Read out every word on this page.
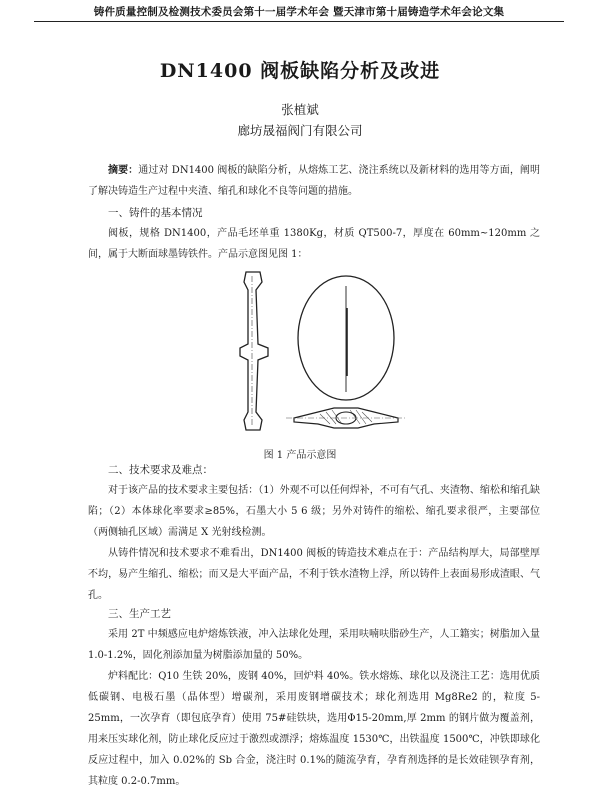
铸件质量控制及检测技术委员会第十一届学术年会 暨天津市第十届铸造学术年会论文集
DN1400 阀板缺陷分析及改进
张植斌
廊坊晟福阀门有限公司
摘要：通过对 DN1400 阀板的缺陷分析，从熔炼工艺、浇注系统以及新材料的选用等方面，阐明了解决铸造生产过程中夹渣、缩孔和球化不良等问题的措施。
一、铸件的基本情况
阀板，规格 DN1400，产品毛坯单重 1380Kg，材质 QT500-7，厚度在 60mm~120mm 之间，属于大断面球墨铸铁件。产品示意图见图 1：
图 1 产品示意图
二、技术要求及难点：
对于该产品的技术要求主要包括：（1）外观不可以任何焊补，不可有气孔、夹渣物、缩松和缩孔缺陷；（2）本体球化率要求≥85%，石墨大小 5 6 级；另外对铸件的缩松、缩孔要求很严，主要部位（两侧轴孔区域）需满足 X 光射线检测。
从铸件情况和技术要求不难看出，DN1400 阀板的铸造技术难点在于：产品结构厚大，局部壁厚不均，易产生缩孔、缩松；而又是大平面产品，不利于铁水渣物上浮，所以铸件上表面易形成渣眼、气孔。
三、生产工艺
采用 2T 中频感应电炉熔炼铁液，冲入法球化处理，采用呋喃呋脂砂生产，人工籍实；树脂加入量 1.0-1.2%，固化剂添加量为树脂添加量的 50%。
炉料配比：Q10 生铁 20%，废钢 40%，回炉料 40%。铁水熔炼、球化以及浇注工艺：选用优质低碳钢、电极石墨（晶体型）增碳剂，采用废钢增碳技术；球化剂选用 Mg8Re2 的，粒度 5-25mm，一次孕育（即包底孕育）使用 75#硅铁块，选用Φ15-20mm,厚 2mm 的钢片做为覆盖剂，用来压实球化剂，防止球化反应过于激烈或漂浮；熔炼温度 1530℃，出铁温度 1500℃，冲铁即球化反应过程中，加入 0.02%的 Sb 合金，浇注时 0.1%的随流孕育，孕育剂选择的是长效硅钡孕育剂，其粒度 0.2-0.7mm。
